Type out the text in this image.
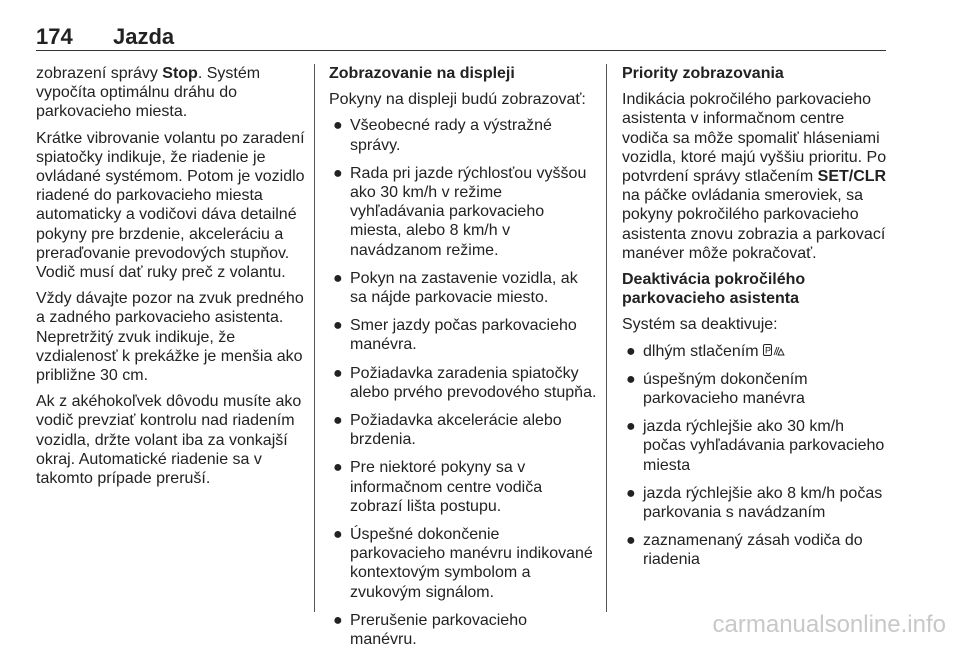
174 Jazda

zobrazení správy Stop. Systém vypočíta optimálnu dráhu do parkovacieho miesta.

Krátke vibrovanie volantu po zaradení spiatočky indikuje, že riadenie je ovládané systémom. Potom je vozidlo riadené do parkovacieho miesta automaticky a vodičovi dáva detailné pokyny pre brzdenie, akceleráciu a preraďovanie prevodových stupňov. Vodič musí dať ruky preč z volantu.

Vždy dávajte pozor na zvuk predného a zadného parkovacieho asistenta. Nepretržitý zvuk indikuje, že vzdialenosť k prekážke je menšia ako približne 30 cm.

Ak z akéhokoľvek dôvodu musíte ako vodič prevziať kontrolu nad riadením vozidla, držte volant iba za vonkajší okraj. Automatické riadenie sa v takomto prípade preruší.

Zobrazovanie na displeji

Pokyny na displeji budú zobrazovať:

● Všeobecné rady a výstražné správy.
● Rada pri jazde rýchlosťou vyššou ako 30 km/h v režime vyhľadávania parkovacieho miesta, alebo 8 km/h v navádzanom režime.
● Pokyn na zastavenie vozidla, ak sa nájde parkovacie miesto.
● Smer jazdy počas parkovacieho manévra.
● Požiadavka zaradenia spiatočky alebo prvého prevodového stupňa.
● Požiadavka akcelerácie alebo brzdenia.
● Pre niektoré pokyny sa v informačnom centre vodiča zobrazí lišta postupu.
● Úspešné dokončenie parkovacieho manévru indikované kontextovým symbolom a zvukovým signálom.
● Prerušenie parkovacieho manévru.

Priority zobrazovania

Indikácia pokročilého parkovacieho asistenta v informačnom centre vodiča sa môže spomaliť hláseniami vozidla, ktoré majú vyššiu prioritu. Po potvrdení správy stlačením SET/CLR na páčke ovládania smeroviek, sa pokyny pokročilého parkovacieho asistenta znovu zobrazia a parkovací manéver môže pokračovať.

Deaktivácia pokročilého parkovacieho asistenta

Systém sa deaktivuje:

● dlhým stlačením P
● úspešným dokončením parkovacieho manévra
● jazda rýchlejšie ako 30 km/h počas vyhľadávania parkovacieho miesta
● jazda rýchlejšie ako 8 km/h počas parkovania s navádzaním
● zaznamenaný zásah vodiča do riadenia
carmanualsonline.info
